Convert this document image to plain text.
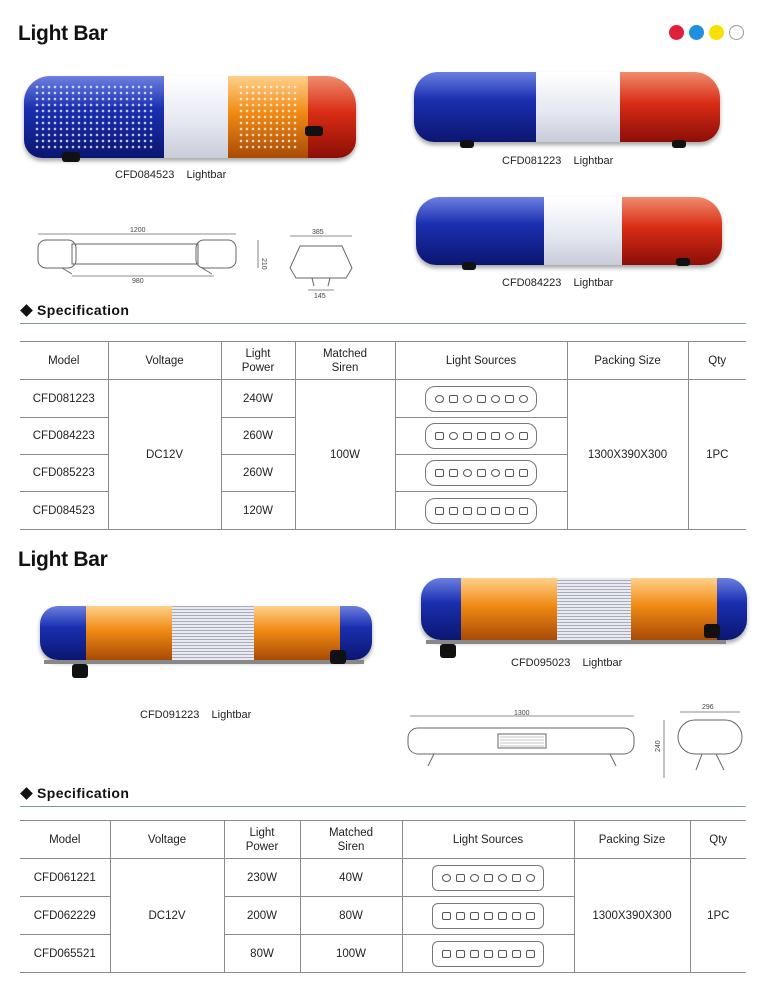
Light Bar
CFD084523    Lightbar
CFD081223    Lightbar
CFD084223    Lightbar
1200
980
210
385
145
Specification
Model	Voltage	Light Power	Matched Siren	Light Sources	Packing Size	Qty
CFD081223	DC12V	240W	100W		1300X390X300	1PC
CFD084223		260W				

CFD085223		260W				

CFD084523		120W				
Light Bar
CFD091223    Lightbar
CFD095023    Lightbar
1300
296
240
Specification
Model	Voltage	Light Power	Matched Siren	Light Sources	Packing Size	Qty
CFD061221	DC12V	230W	40W		1300X390X300	1PC
CFD062229		200W	80W			

CFD065521		80W	100W			
